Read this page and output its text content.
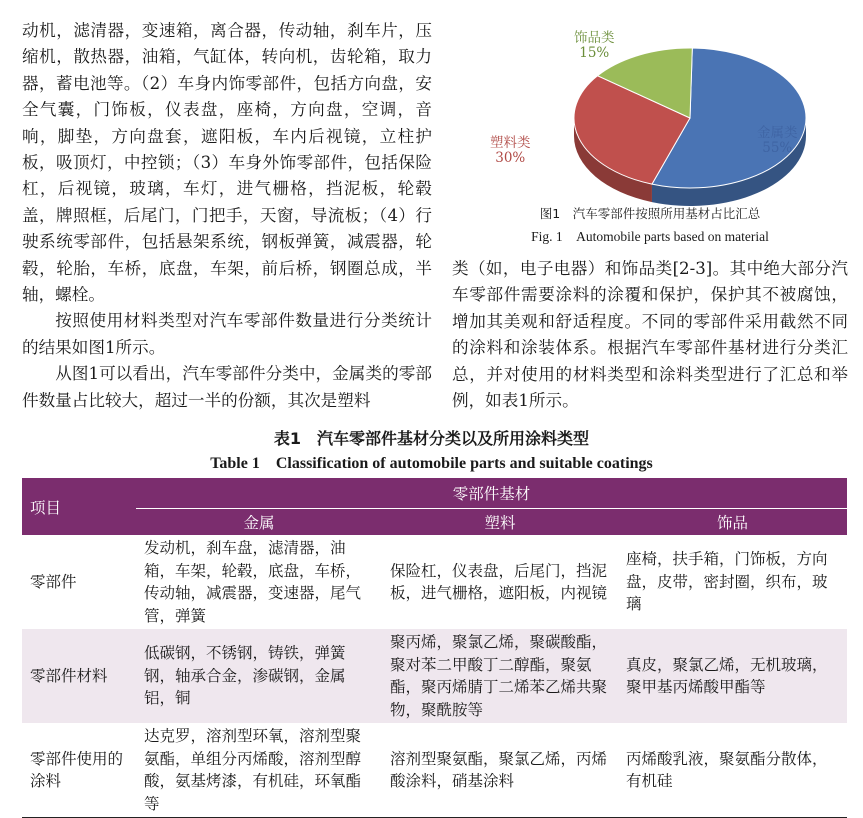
动机，滤清器，变速箱，离合器，传动轴，刹车片，压缩机，散热器，油箱，气缸体，转向机，齿轮箱，取力器，蓄电池等。（2）车身内饰零部件，包括方向盘，安全气囊，门饰板，仪表盘，座椅，方向盘，空调，音响，脚垫，方向盘套，遮阳板，车内后视镜，立柱护板，吸顶灯，中控锁；（3）车身外饰零部件，包括保险杠，后视镜，玻璃，车灯，进气栅格，挡泥板，轮毂盖，牌照框，后尾门，门把手，天窗，导流板；（4）行驶系统零部件，包括悬架系统，钢板弹簧，减震器，轮毂，轮胎，车桥，底盘，车架，前后桥，钢圈总成，半轴，螺栓。

按照使用材料类型对汽车零部件数量进行分类统计的结果如图1所示。

从图1可以看出，汽车零部件分类中，金属类的零部件数量占比较大，超过一半的份额，其次是塑料

饰品类
15%
塑料类
30%
金属类
55%
图1　汽车零部件按照所用基材占比汇总
Fig. 1　Automobile parts based on material

类（如，电子电器）和饰品类[2-3]。其中绝大部分汽车零部件需要涂料的涂覆和保护，保护其不被腐蚀，增加其美观和舒适程度。不同的零部件采用截然不同的涂料和涂装体系。根据汽车零部件基材进行分类汇总，并对使用的材料类型和涂料类型进行了汇总和举例，如表1所示。

表1　汽车零部件基材分类以及所用涂料类型
Table 1　Classification of automobile parts and suitable coatings
项目	零部件基材		
	金属	塑料	饰品
零部件	发动机，刹车盘，滤清器，油箱，车架，轮毂，底盘，车桥，传动轴，减震器，变速器，尾气管，弹簧	保险杠，仪表盘，后尾门，挡泥板，进气栅格，遮阳板，内视镜	座椅，扶手箱，门饰板，方向盘，皮带，密封圈，织布，玻璃
零部件材料	低碳钢，不锈钢，铸铁，弹簧钢，轴承合金，渗碳钢，金属铝，铜	聚丙烯，聚氯乙烯，聚碳酸酯，聚对苯二甲酸丁二醇酯，聚氨酯，聚丙烯腈丁二烯苯乙烯共聚物，聚酰胺等	真皮，聚氯乙烯，无机玻璃，聚甲基丙烯酸甲酯等
零部件使用的涂料	达克罗，溶剂型环氧，溶剂型聚氨酯，单组分丙烯酸，溶剂型醇酸，氨基烤漆，有机硅，环氧酯等	溶剂型聚氨酯，聚氯乙烯，丙烯酸涂料，硝基涂料	丙烯酸乳液，聚氨酯分散体，有机硅
